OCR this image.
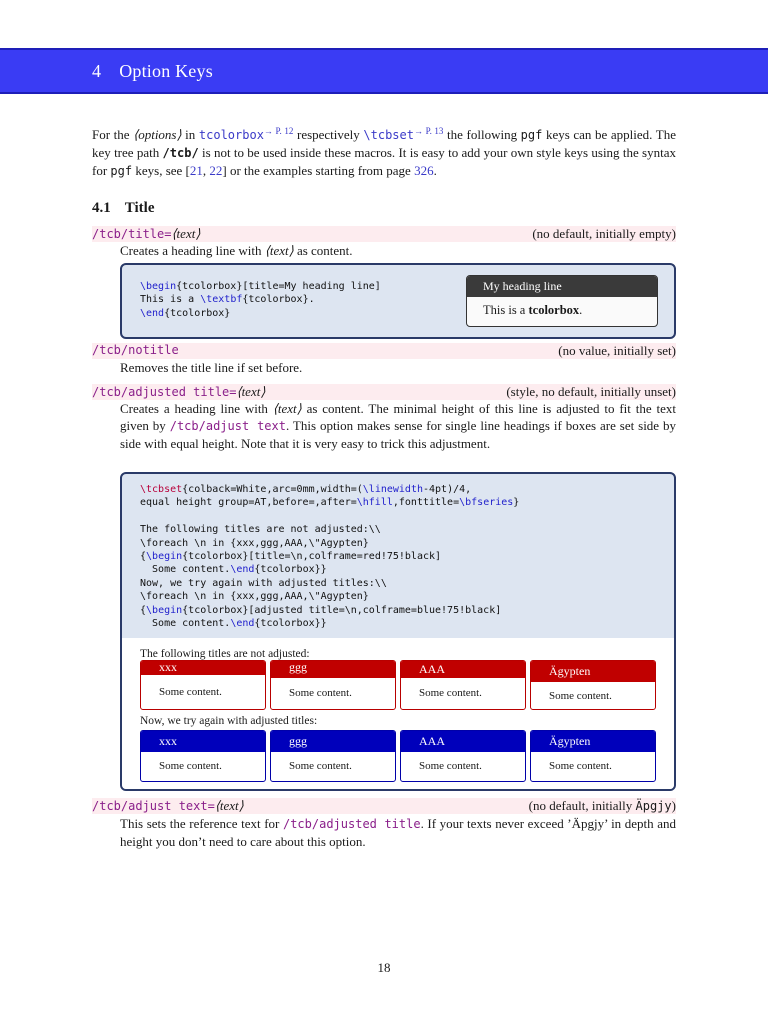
4 Option Keys
For the ⟨options⟩ in tcolorbox$^{\to P. 12}$ respectively \tcbset$^{\to P. 13}$ the following pgf keys can be applied. The key tree path /tcb/ is not to be used inside these macros. It is easy to add your own style keys using the syntax for pgf keys, see [21, 22] or the examples starting from page 326.
4.1 Title
/tcb/title=⟨text⟩	(no default, initially empty)
Creates a heading line with ⟨text⟩ as content.
\begin{tcolorbox}[title=My heading line]
This is a \textbf{tcolorbox}.
\end{tcolorbox}
My heading line
This is a tcolorbox.
/tcb/notitle	(no value, initially set)
Removes the title line if set before.
/tcb/adjusted title=⟨text⟩	(style, no default, initially unset)
Creates a heading line with ⟨text⟩ as content. The minimal height of this line is adjusted to fit the text given by /tcb/adjust text. This option makes sense for single line headings if boxes are set side by side with equal height. Note that it is very easy to trick this adjustment.
\tcbset{colback=White,arc=0mm,width=(\linewidth-4pt)/4,
equal height group=AT,before=,after=\hfill,fonttitle=\bfseries}

The following titles are not adjusted:\\
\foreach \n in {xxx,ggg,AAA,\"Agypten}
{\begin{tcolorbox}[title=\n,colframe=red!75!black]
Some content.\end{tcolorbox}}
Now, we try again with adjusted titles:\\
\foreach \n in {xxx,ggg,AAA,\"Agypten}
{\begin{tcolorbox}[adjusted title=\n,colframe=blue!75!black]
Some content.\end{tcolorbox}}
The following titles are not adjusted:
xxx
Some content.
ggg
Some content.
AAA
Some content.
Ägypten
Some content.
Now, we try again with adjusted titles:
xxx
Some content.
ggg
Some content.
AAA
Some content.
Ägypten
Some content.
/tcb/adjust text=⟨text⟩	(no default, initially Äpgjy)
This sets the reference text for /tcb/adjusted title. If your texts never exceed ’Äpgjy’ in depth and height you don’t need to care about this option.
18
